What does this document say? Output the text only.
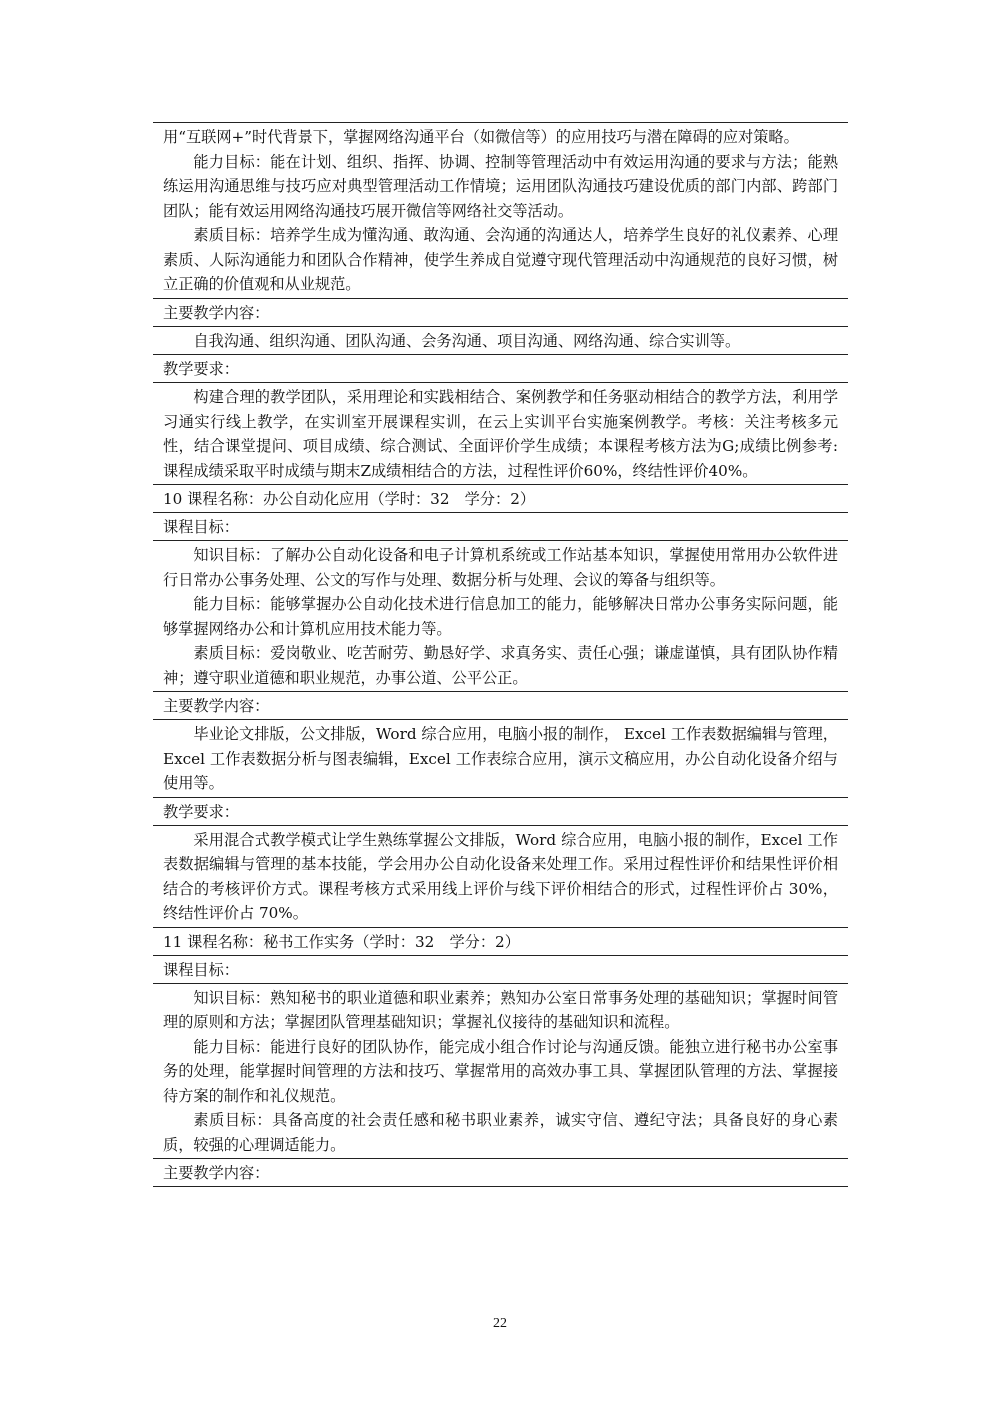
用“互联网+”时代背景下，掌握网络沟通平台（如微信等）的应用技巧与潜在障碍的应对策略。

能力目标：能在计划、组织、指挥、协调、控制等管理活动中有效运用沟通的要求与方法；能熟练运用沟通思维与技巧应对典型管理活动工作情境；运用团队沟通技巧建设优质的部门内部、跨部门团队；能有效运用网络沟通技巧展开微信等网络社交等活动。

素质目标：培养学生成为懂沟通、敢沟通、会沟通的沟通达人，培养学生良好的礼仪素养、心理素质、人际沟通能力和团队合作精神，使学生养成自觉遵守现代管理活动中沟通规范的良好习惯，树立正确的价值观和从业规范。

主要教学内容：

自我沟通、组织沟通、团队沟通、会务沟通、项目沟通、网络沟通、综合实训等。

教学要求：

构建合理的教学团队，采用理论和实践相结合、案例教学和任务驱动相结合的教学方法，利用学习通实行线上教学，在实训室开展课程实训，在云上实训平台实施案例教学。考核：关注考核多元性，结合课堂提问、项目成绩、综合测试、全面评价学生成绩；本课程考核方法为G;成绩比例参考:课程成绩采取平时成绩与期末Z成绩相结合的方法，过程性评价60%，终结性评价40%。

10 课程名称：办公自动化应用（学时：32　学分：2）
课程目标：

知识目标：了解办公自动化设备和电子计算机系统或工作站基本知识，掌握使用常用办公软件进行日常办公事务处理、公文的写作与处理、数据分析与处理、会议的筹备与组织等。

能力目标：能够掌握办公自动化技术进行信息加工的能力，能够解决日常办公事务实际问题，能够掌握网络办公和计算机应用技术能力等。

素质目标：爱岗敬业、吃苦耐劳、勤恳好学、求真务实、责任心强；谦虚谨慎，具有团队协作精神；遵守职业道德和职业规范，办事公道、公平公正。

主要教学内容：

毕业论文排版，公文排版，Word 综合应用，电脑小报的制作， Excel 工作表数据编辑与管理， Excel 工作表数据分析与图表编辑，Excel 工作表综合应用，演示文稿应用，办公自动化设备介绍与使用等。

教学要求：

采用混合式教学模式让学生熟练掌握公文排版，Word 综合应用，电脑小报的制作，Excel 工作表数据编辑与管理的基本技能，学会用办公自动化设备来处理工作。采用过程性评价和结果性评价相结合的考核评价方式。课程考核方式采用线上评价与线下评价相结合的形式，过程性评价占 30%，终结性评价占 70%。

11 课程名称：秘书工作实务（学时：32　学分：2）
课程目标：

知识目标：熟知秘书的职业道德和职业素养；熟知办公室日常事务处理的基础知识；掌握时间管理的原则和方法；掌握团队管理基础知识；掌握礼仪接待的基础知识和流程。

能力目标：能进行良好的团队协作，能完成小组合作讨论与沟通反馈。能独立进行秘书办公室事务的处理，能掌握时间管理的方法和技巧、掌握常用的高效办事工具、掌握团队管理的方法、掌握接待方案的制作和礼仪规范。

素质目标：具备高度的社会责任感和秘书职业素养，诚实守信、遵纪守法；具备良好的身心素质，较强的心理调适能力。

主要教学内容：
22
